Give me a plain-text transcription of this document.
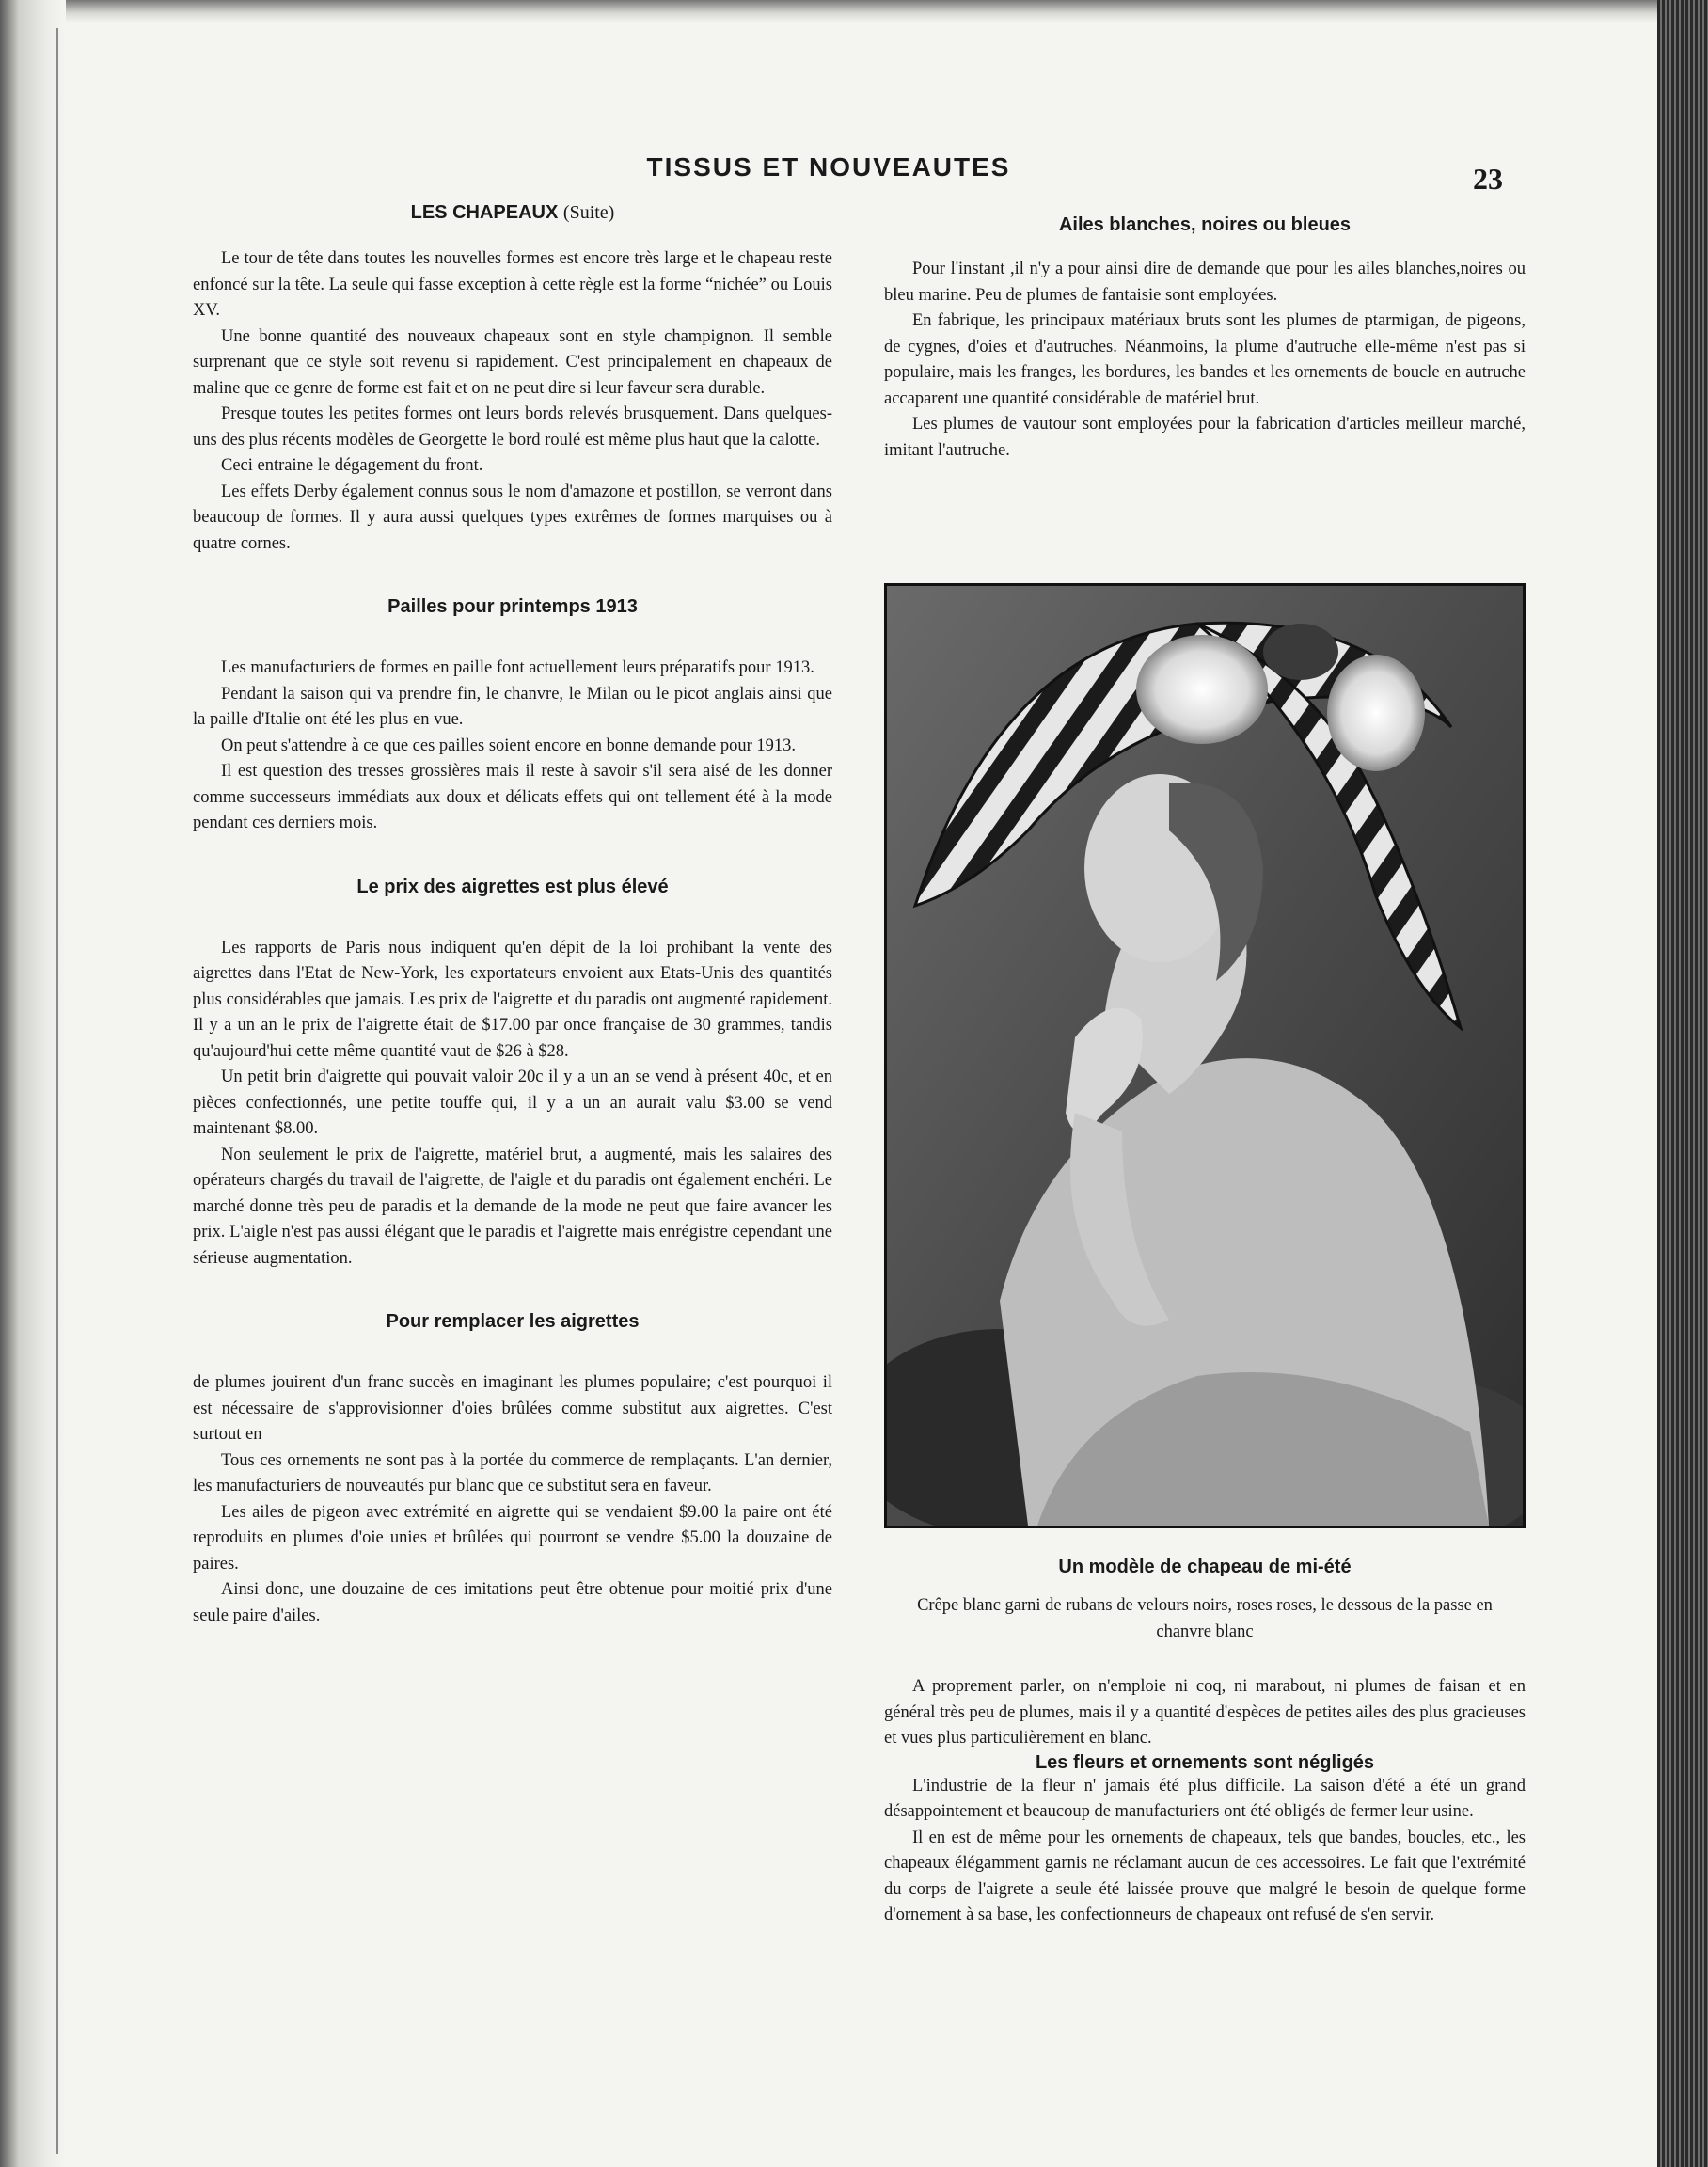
TISSUS ET NOUVEAUTES	23
LES CHAPEAUX (Suite)

Le tour de tête dans toutes les nouvelles formes est encore très large et le chapeau reste enfoncé sur la tête. La seule qui fasse exception à cette règle est la forme “nichée” ou Louis XV.

Une bonne quantité des nouveaux chapeaux sont en style champignon. Il semble surprenant que ce style soit revenu si rapidement. C'est principalement en chapeaux de maline que ce genre de forme est fait et on ne peut dire si leur faveur sera durable.

Presque toutes les petites formes ont leurs bords relevés brusquement. Dans quelques-uns des plus récents modèles de Georgette le bord roulé est même plus haut que la calotte.

Ceci entraine le dégagement du front.

Les effets Derby également connus sous le nom d'amazone et postillon, se verront dans beaucoup de formes. Il y aura aussi quelques types extrêmes de formes marquises ou à quatre cornes.

Pailles pour printemps 1913

Les manufacturiers de formes en paille font actuellement leurs préparatifs pour 1913.

Pendant la saison qui va prendre fin, le chanvre, le Milan ou le picot anglais ainsi que la paille d'Italie ont été les plus en vue.

On peut s'attendre à ce que ces pailles soient encore en bonne demande pour 1913.

Il est question des tresses grossières mais il reste à savoir s'il sera aisé de les donner comme successeurs immédiats aux doux et délicats effets qui ont tellement été à la mode pendant ces derniers mois.

Le prix des aigrettes est plus élevé

Les rapports de Paris nous indiquent qu'en dépit de la loi prohibant la vente des aigrettes dans l'Etat de New-York, les exportateurs envoient aux Etats-Unis des quantités plus considérables que jamais. Les prix de l'aigrette et du paradis ont augmenté rapidement. Il y a un an le prix de l'aigrette était de $17.00 par once française de 30 grammes, tandis qu'aujourd'hui cette même quantité vaut de $26 à $28.

Un petit brin d'aigrette qui pouvait valoir 20c il y a un an se vend à présent 40c, et en pièces confectionnés, une petite touffe qui, il y a un an aurait valu $3.00 se vend maintenant $8.00.

Non seulement le prix de l'aigrette, matériel brut, a augmenté, mais les salaires des opérateurs chargés du travail de l'aigrette, de l'aigle et du paradis ont également enchéri. Le marché donne très peu de paradis et la demande de la mode ne peut que faire avancer les prix. L'aigle n'est pas aussi élégant que le paradis et l'aigrette mais enrégistre cependant une sérieuse augmentation.

Pour remplacer les aigrettes

de plumes jouirent d'un franc succès en imaginant les plumes populaire; c'est pourquoi il est nécessaire de s'approvisionner d'oies brûlées comme substitut aux aigrettes. C'est surtout en

Tous ces ornements ne sont pas à la portée du commerce de remplaçants. L'an dernier, les manufacturiers de nouveautés pur blanc que ce substitut sera en faveur.

Les ailes de pigeon avec extrémité en aigrette qui se vendaient $9.00 la paire ont été reproduits en plumes d'oie unies et brûlées qui pourront se vendre $5.00 la douzaine de paires.

Ainsi donc, une douzaine de ces imitations peut être obtenue pour moitié prix d'une seule paire d'ailes.

Ailes blanches, noires ou bleues

Pour l'instant ,il n'y a pour ainsi dire de demande que pour les ailes blanches,noires ou bleu marine. Peu de plumes de fantaisie sont employées.

En fabrique, les principaux matériaux bruts sont les plumes de ptarmigan, de pigeons, de cygnes, d'oies et d'autruches. Néanmoins, la plume d'autruche elle-même n'est pas si populaire, mais les franges, les bordures, les bandes et les ornements de boucle en autruche accaparent une quantité considérable de matériel brut.

Les plumes de vautour sont employées pour la fabrication d'articles meilleur marché, imitant l'autruche.

Un modèle de chapeau de mi-été
Crêpe blanc garni de rubans de velours noirs, roses roses, le dessous de la passe en chanvre blanc

A proprement parler, on n'emploie ni coq, ni marabout, ni plumes de faisan et en général très peu de plumes, mais il y a quantité d'espèces de petites ailes des plus gracieuses et vues plus particulièrement en blanc.

Les fleurs et ornements sont négligés

L'industrie de la fleur n' jamais été plus difficile. La saison d'été a été un grand désappointement et beaucoup de manufacturiers ont été obligés de fermer leur usine.

Il en est de même pour les ornements de chapeaux, tels que bandes, boucles, etc., les chapeaux élégamment garnis ne réclamant aucun de ces accessoires. Le fait que l'extrémité du corps de l'aigrete a seule été laissée prouve que malgré le besoin de quelque forme d'ornement à sa base, les confectionneurs de chapeaux ont refusé de s'en servir.
